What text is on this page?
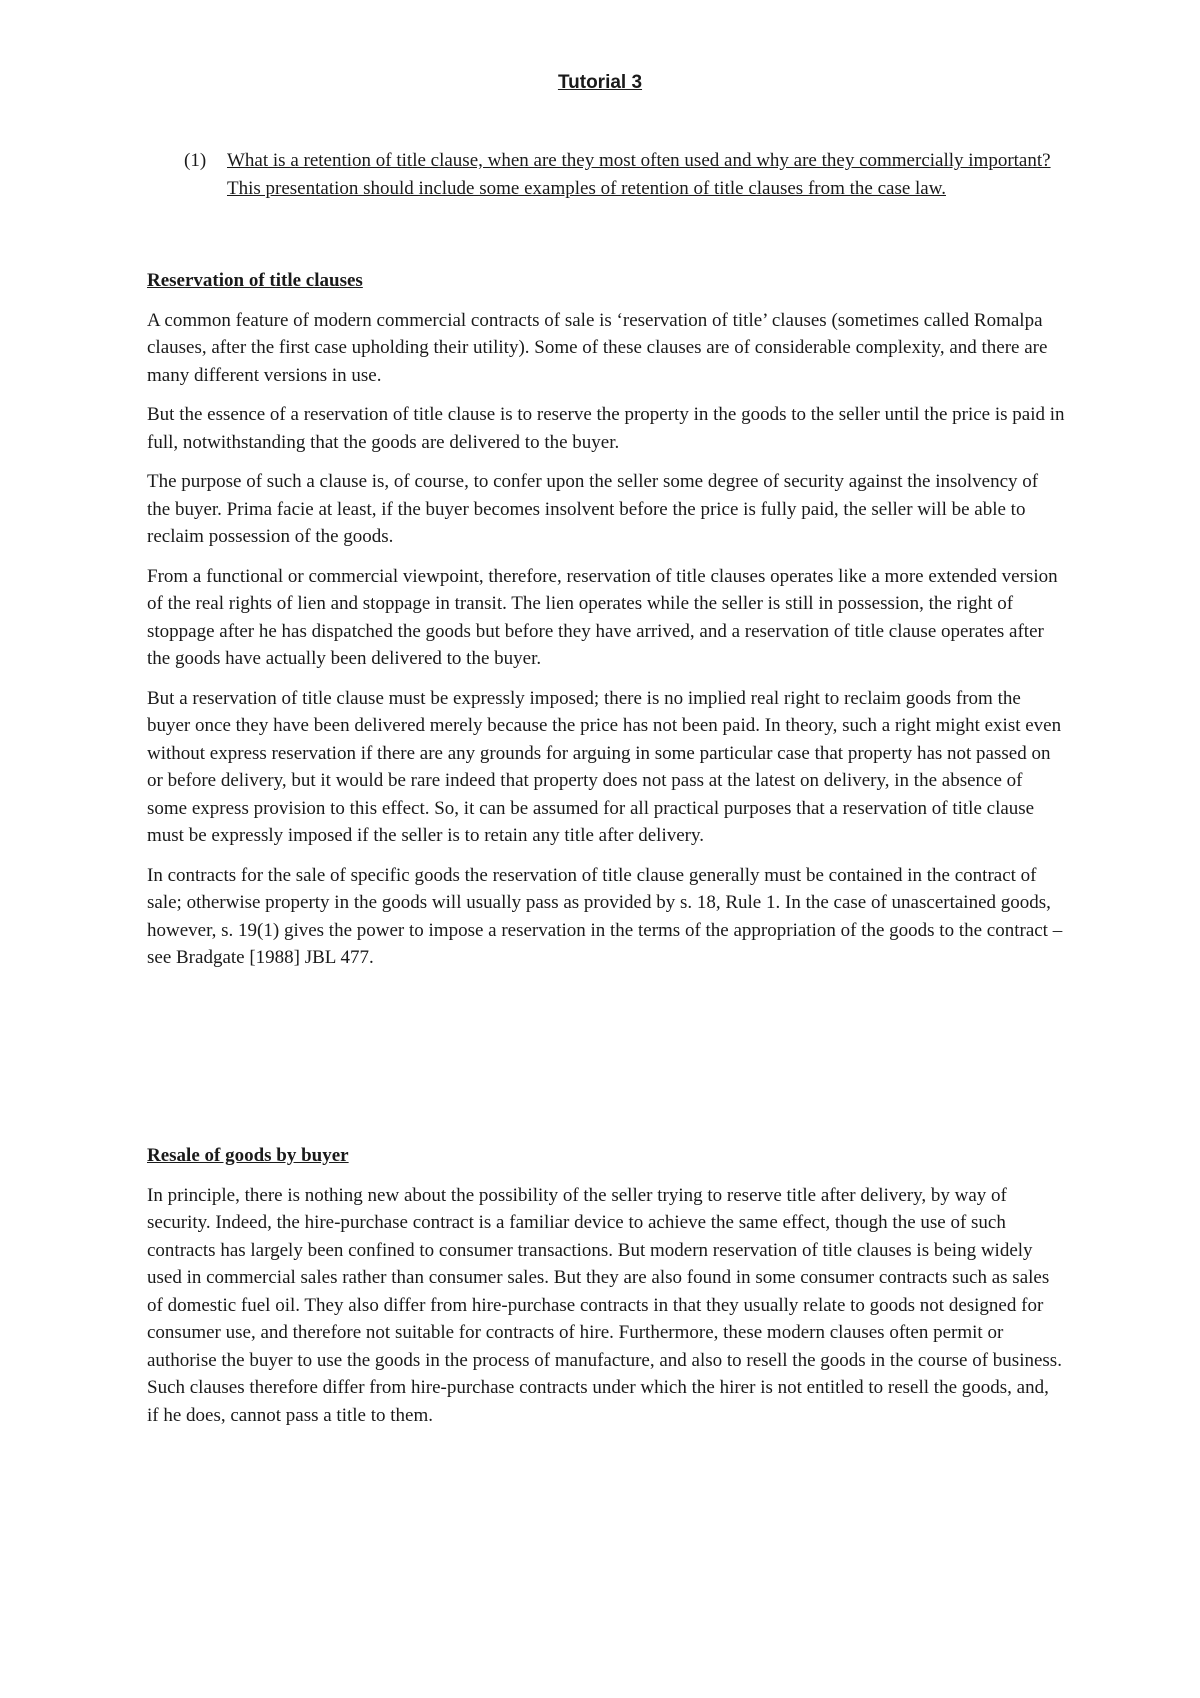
Tutorial 3
(1) What is a retention of title clause, when are they most often used and why are they commercially important? This presentation should include some examples of retention of title clauses from the case law.
Reservation of title clauses

A common feature of modern commercial contracts of sale is ‘reservation of title’ clauses (sometimes called Romalpa clauses, after the first case upholding their utility). Some of these clauses are of considerable complexity, and there are many different versions in use.

But the essence of a reservation of title clause is to reserve the property in the goods to the seller until the price is paid in full, notwithstanding that the goods are delivered to the buyer.

The purpose of such a clause is, of course, to confer upon the seller some degree of security against the insolvency of the buyer. Prima facie at least, if the buyer becomes insolvent before the price is fully paid, the seller will be able to reclaim possession of the goods.

From a functional or commercial viewpoint, therefore, reservation of title clauses operates like a more extended version of the real rights of lien and stoppage in transit. The lien operates while the seller is still in possession, the right of stoppage after he has dispatched the goods but before they have arrived, and a reservation of title clause operates after the goods have actually been delivered to the buyer.

But a reservation of title clause must be expressly imposed; there is no implied real right to reclaim goods from the buyer once they have been delivered merely because the price has not been paid. In theory, such a right might exist even without express reservation if there are any grounds for arguing in some particular case that property has not passed on or before delivery, but it would be rare indeed that property does not pass at the latest on delivery, in the absence of some express provision to this effect. So, it can be assumed for all practical purposes that a reservation of title clause must be expressly imposed if the seller is to retain any title after delivery.

In contracts for the sale of specific goods the reservation of title clause generally must be contained in the contract of sale; otherwise property in the goods will usually pass as provided by s. 18, Rule 1. In the case of unascertained goods, however, s. 19(1) gives the power to impose a reservation in the terms of the appropriation of the goods to the contract – see Bradgate [1988] JBL 477.

Resale of goods by buyer

In principle, there is nothing new about the possibility of the seller trying to reserve title after delivery, by way of security. Indeed, the hire-purchase contract is a familiar device to achieve the same effect, though the use of such contracts has largely been confined to consumer transactions. But modern reservation of title clauses is being widely used in commercial sales rather than consumer sales. But they are also found in some consumer contracts such as sales of domestic fuel oil. They also differ from hire-purchase contracts in that they usually relate to goods not designed for consumer use, and therefore not suitable for contracts of hire. Furthermore, these modern clauses often permit or authorise the buyer to use the goods in the process of manufacture, and also to resell the goods in the course of business. Such clauses therefore differ from hire-purchase contracts under which the hirer is not entitled to resell the goods, and, if he does, cannot pass a title to them.
